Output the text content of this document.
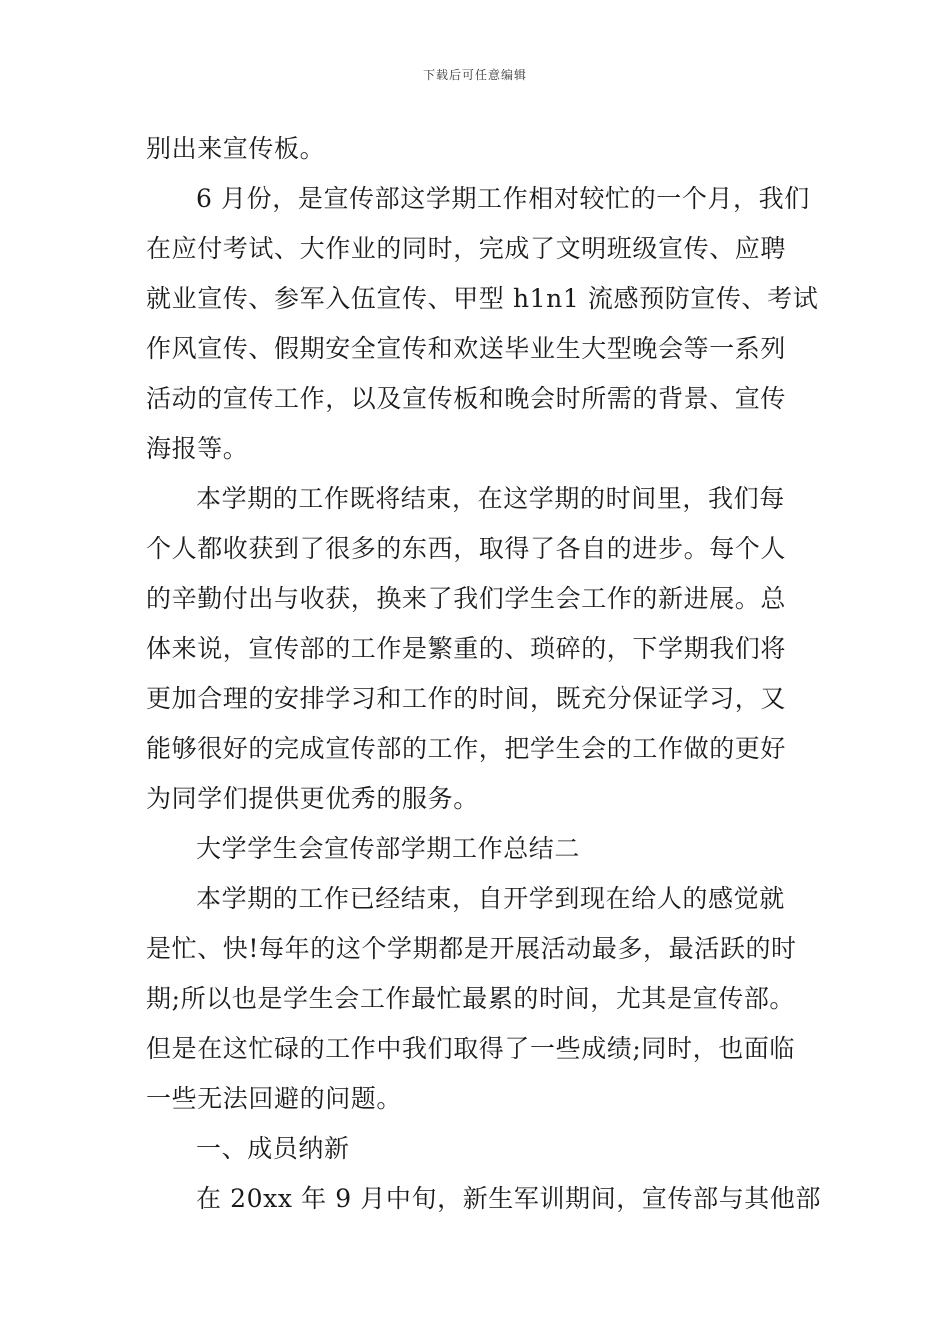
下载后可任意编辑
别出来宣传板。
6 月份，是宣传部这学期工作相对较忙的一个月，我们
在应付考试、大作业的同时，完成了文明班级宣传、应聘
就业宣传、参军入伍宣传、甲型 h1n1 流感预防宣传、考试
作风宣传、假期安全宣传和欢送毕业生大型晚会等一系列
活动的宣传工作，以及宣传板和晚会时所需的背景、宣传
海报等。
本学期的工作既将结束，在这学期的时间里，我们每
个人都收获到了很多的东西，取得了各自的进步。每个人
的辛勤付出与收获，换来了我们学生会工作的新进展。总
体来说，宣传部的工作是繁重的、琐碎的，下学期我们将
更加合理的安排学习和工作的时间，既充分保证学习，又
能够很好的完成宣传部的工作，把学生会的工作做的更好
为同学们提供更优秀的服务。
大学学生会宣传部学期工作总结二
本学期的工作已经结束，自开学到现在给人的感觉就
是忙、快!每年的这个学期都是开展活动最多，最活跃的时
期;所以也是学生会工作最忙最累的时间，尤其是宣传部。
但是在这忙碌的工作中我们取得了一些成绩;同时，也面临
一些无法回避的问题。
一、成员纳新
在 20xx 年 9 月中旬，新生军训期间，宣传部与其他部
